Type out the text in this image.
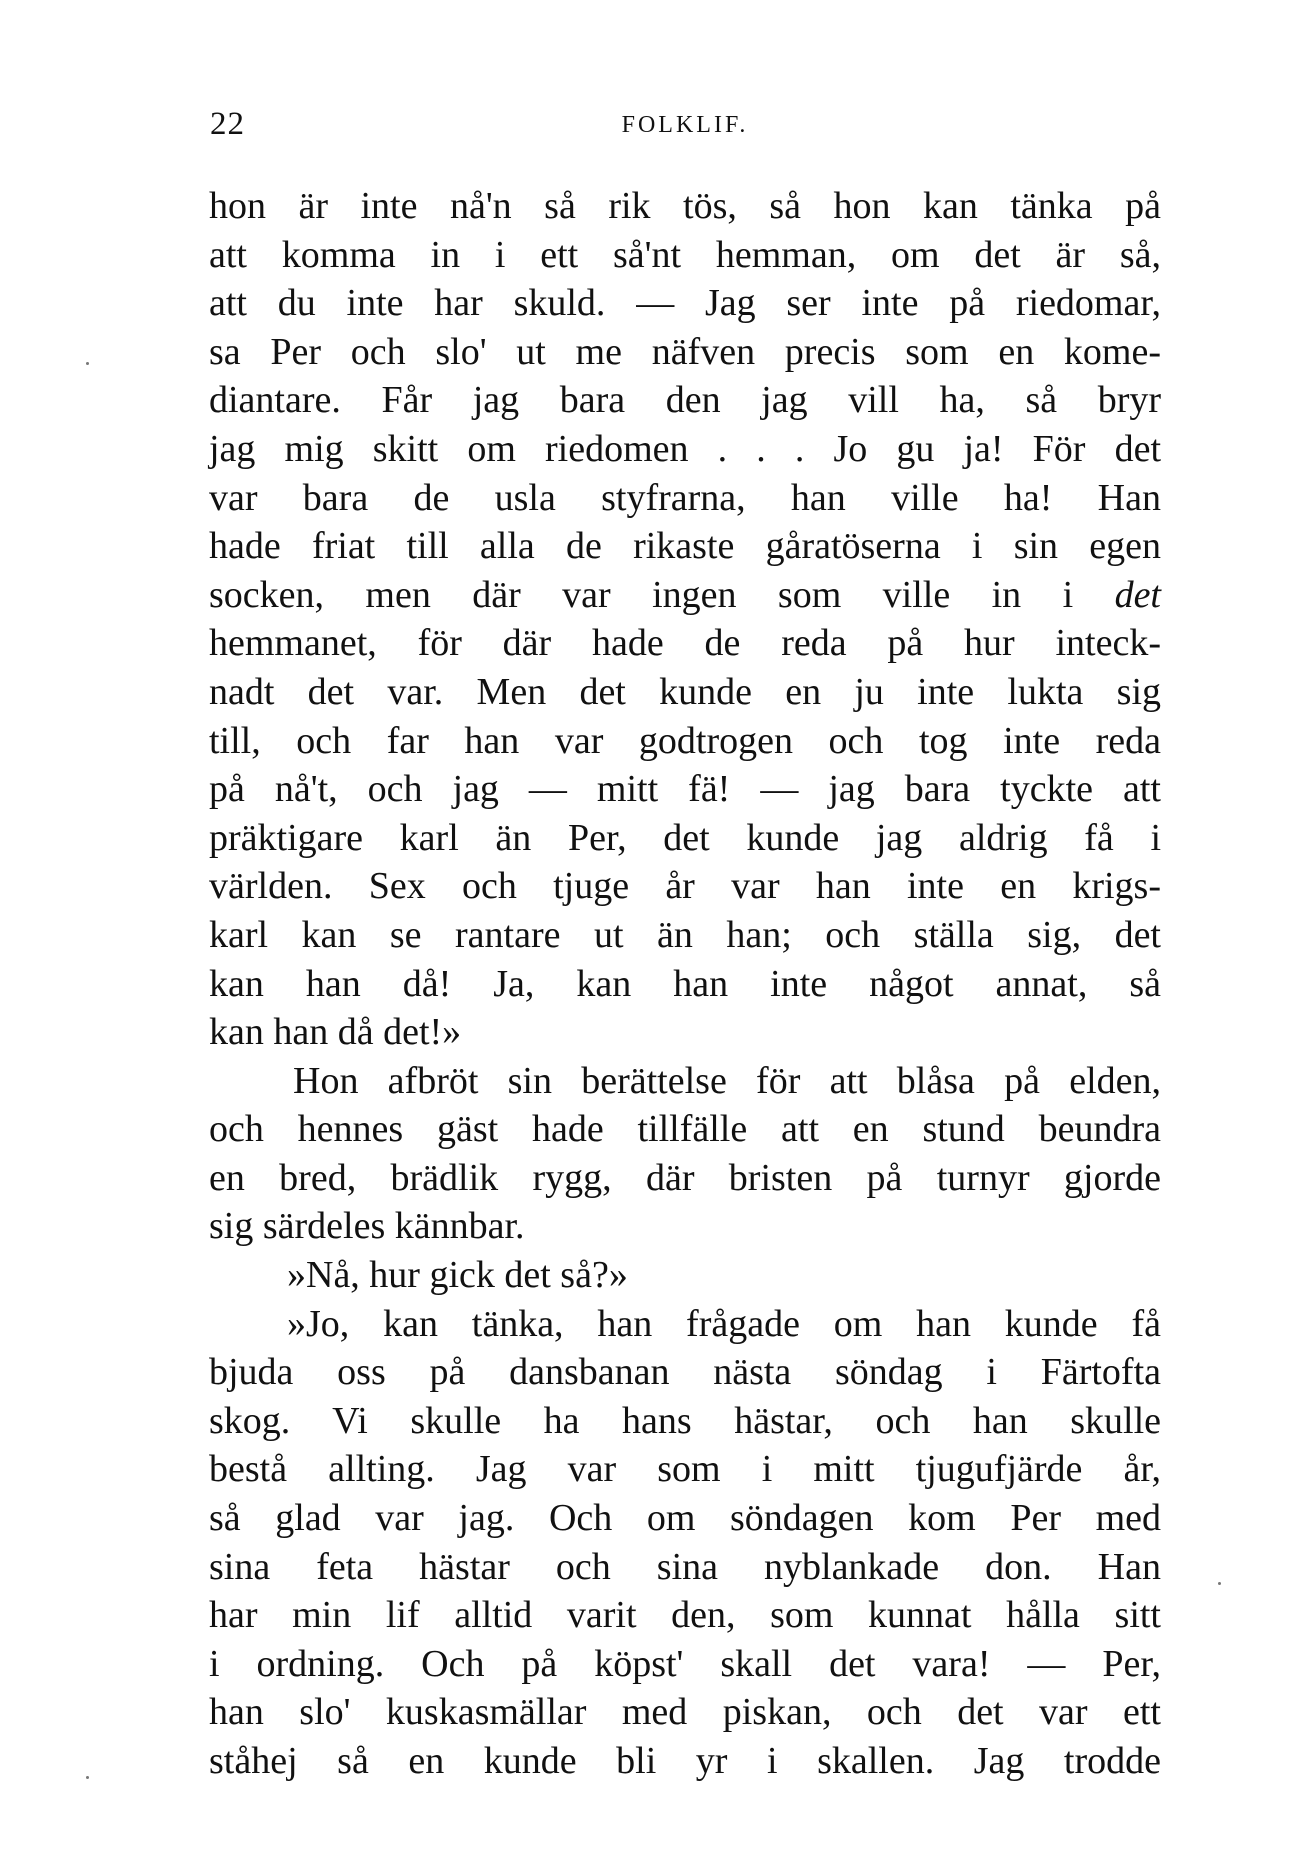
22	FOLKLIF.
hon är inte nå'n så rik tös, så hon kan tänka på
att komma in i ett så'nt hemman, om det är så,
att du inte har skuld. — Jag ser inte på riedomar,
sa Per och slo' ut me näfven precis som en kome-
diantare. Får jag bara den jag vill ha, så bryr
jag mig skitt om riedomen . . . Jo gu ja! För det
var bara de usla styfrarna, han ville ha! Han
hade friat till alla de rikaste gåratöserna i sin egen
socken, men där var ingen som ville in i det
hemmanet, för där hade de reda på hur inteck-
nadt det var. Men det kunde en ju inte lukta sig
till, och far han var godtrogen och tog inte reda
på nå't, och jag — mitt fä! — jag bara tyckte att
präktigare karl än Per, det kunde jag aldrig få i
världen. Sex och tjuge år var han inte en krigs-
karl kan se rantare ut än han; och ställa sig, det
kan han då! Ja, kan han inte något annat, så
kan han då det!»
Hon afbröt sin berättelse för att blåsa på elden,
och hennes gäst hade tillfälle att en stund beundra
en bred, brädlik rygg, där bristen på turnyr gjorde
sig särdeles kännbar.
»Nå, hur gick det så?»
»Jo, kan tänka, han frågade om han kunde få
bjuda oss på dansbanan nästa söndag i Färtofta
skog. Vi skulle ha hans hästar, och han skulle
bestå allting. Jag var som i mitt tjugufjärde år,
så glad var jag. Och om söndagen kom Per med
sina feta hästar och sina nyblankade don. Han
har min lif alltid varit den, som kunnat hålla sitt
i ordning. Och på köpst' skall det vara! — Per,
han slo' kuskasmällar med piskan, och det var ett
ståhej så en kunde bli yr i skallen. Jag trodde
